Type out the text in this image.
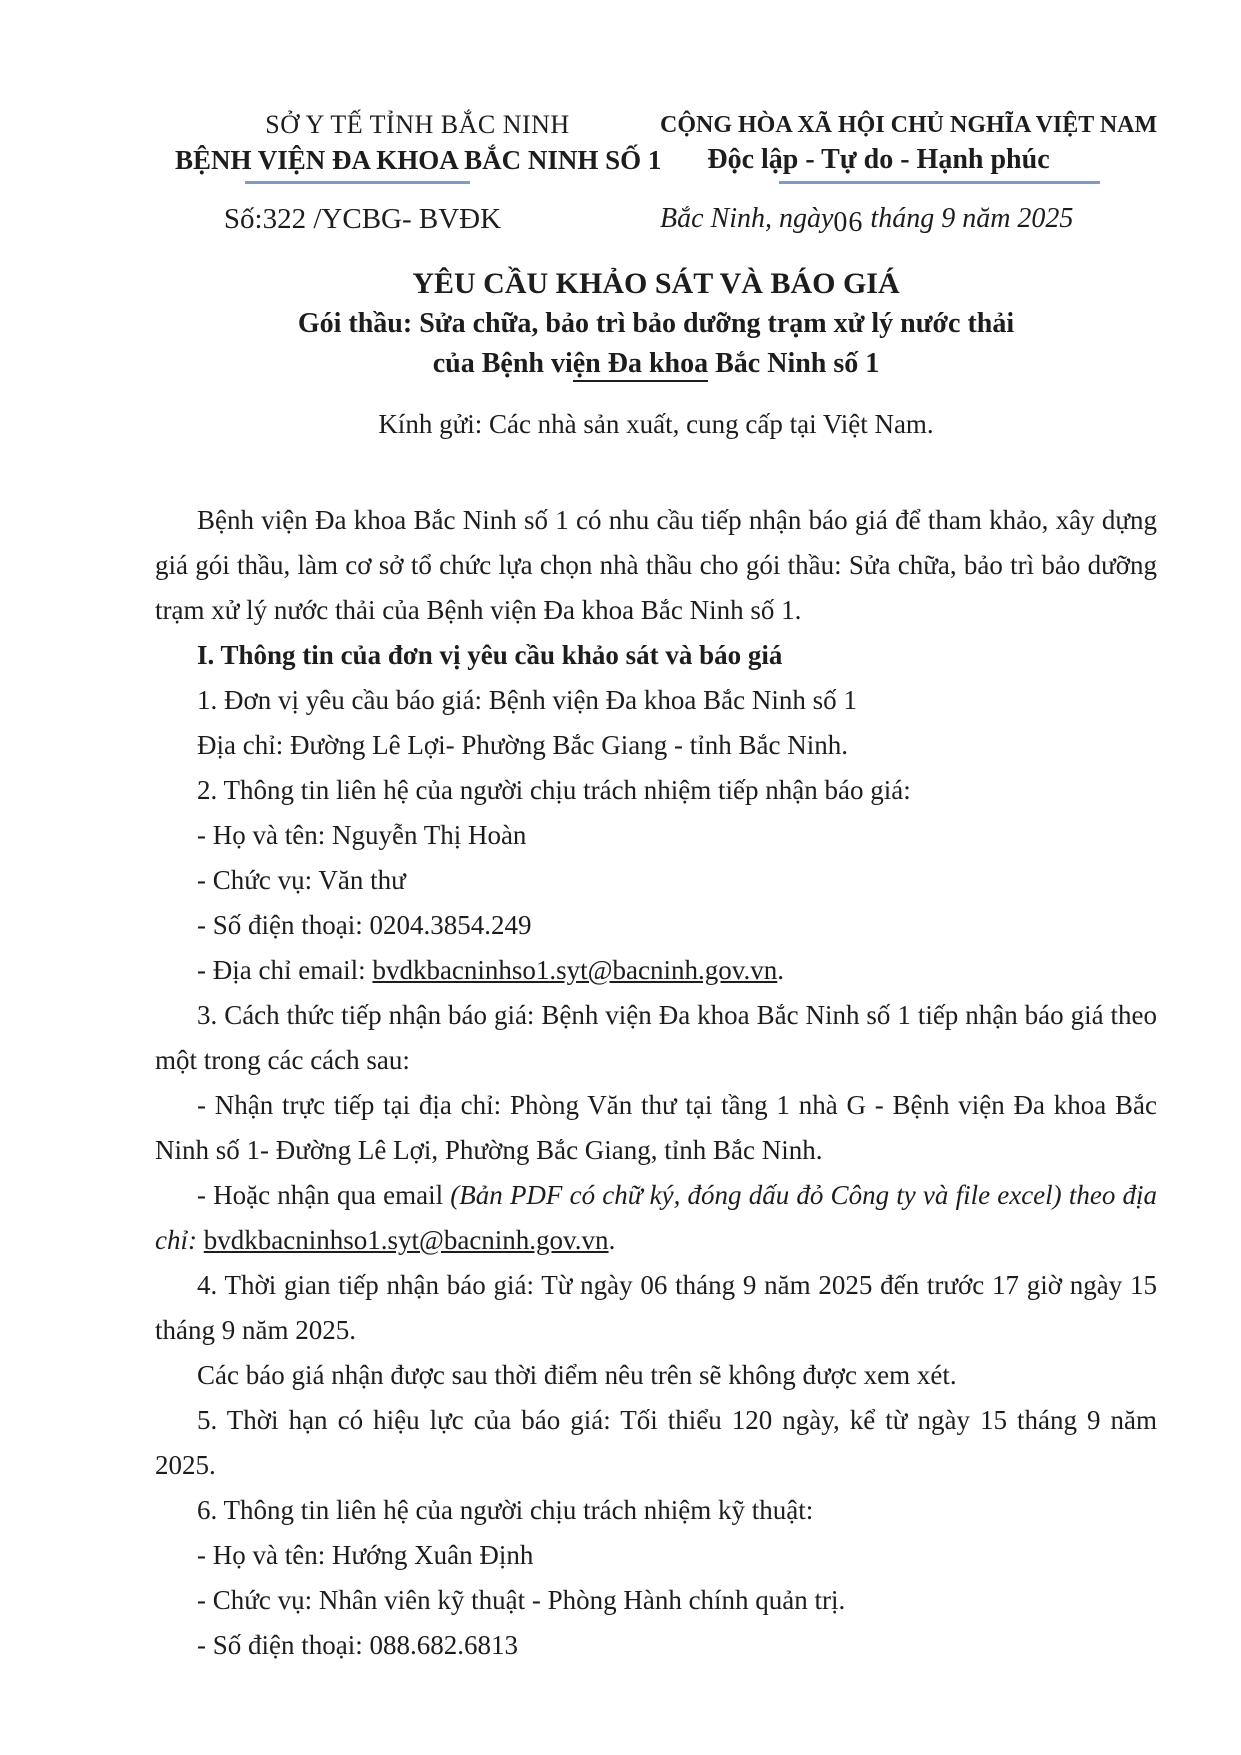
SỞ Y TẾ TỈNH BẮC NINH
BỆNH VIỆN ĐA KHOA BẮC NINH SỐ 1
Số:322 /YCBG- BVĐK
CỘNG HÒA XÃ HỘI CHỦ NGHĨA VIỆT NAM
Độc lập - Tự do - Hạnh phúc
Bắc Ninh, ngày06 tháng 9 năm 2025
YÊU CẦU KHẢO SÁT VÀ BÁO GIÁ
Gói thầu: Sửa chữa, bảo trì bảo dưỡng trạm xử lý nước thải
của Bệnh viện Đa khoa Bắc Ninh số 1
Kính gửi: Các nhà sản xuất, cung cấp tại Việt Nam.

Bệnh viện Đa khoa Bắc Ninh số 1 có nhu cầu tiếp nhận báo giá để tham khảo, xây dựng giá gói thầu, làm cơ sở tổ chức lựa chọn nhà thầu cho gói thầu: Sửa chữa, bảo trì bảo dưỡng trạm xử lý nước thải của Bệnh viện Đa khoa Bắc Ninh số 1.

I. Thông tin của đơn vị yêu cầu khảo sát và báo giá

1. Đơn vị yêu cầu báo giá: Bệnh viện Đa khoa Bắc Ninh số 1

Địa chỉ: Đường Lê Lợi- Phường Bắc Giang - tỉnh Bắc Ninh.

2. Thông tin liên hệ của người chịu trách nhiệm tiếp nhận báo giá:

- Họ và tên: Nguyễn Thị Hoàn

- Chức vụ: Văn thư

- Số điện thoại: 0204.3854.249

- Địa chỉ email: bvdkbacninhso1.syt@bacninh.gov.vn.

3. Cách thức tiếp nhận báo giá: Bệnh viện Đa khoa Bắc Ninh số 1 tiếp nhận báo giá theo một trong các cách sau:

- Nhận trực tiếp tại địa chỉ: Phòng Văn thư tại tầng 1 nhà G - Bệnh viện Đa khoa Bắc Ninh số 1- Đường Lê Lợi, Phường Bắc Giang, tỉnh Bắc Ninh.

- Hoặc nhận qua email (Bản PDF có chữ ký, đóng dấu đỏ Công ty và file excel) theo địa chỉ: bvdkbacninhso1.syt@bacninh.gov.vn.

4. Thời gian tiếp nhận báo giá: Từ ngày 06 tháng 9 năm 2025 đến trước 17 giờ ngày 15 tháng 9 năm 2025.

Các báo giá nhận được sau thời điểm nêu trên sẽ không được xem xét.

5. Thời hạn có hiệu lực của báo giá: Tối thiểu 120 ngày, kể từ ngày 15 tháng 9 năm 2025.

6. Thông tin liên hệ của người chịu trách nhiệm kỹ thuật:

- Họ và tên: Hướng Xuân Định

- Chức vụ: Nhân viên kỹ thuật - Phòng Hành chính quản trị.

- Số điện thoại: 088.682.6813
